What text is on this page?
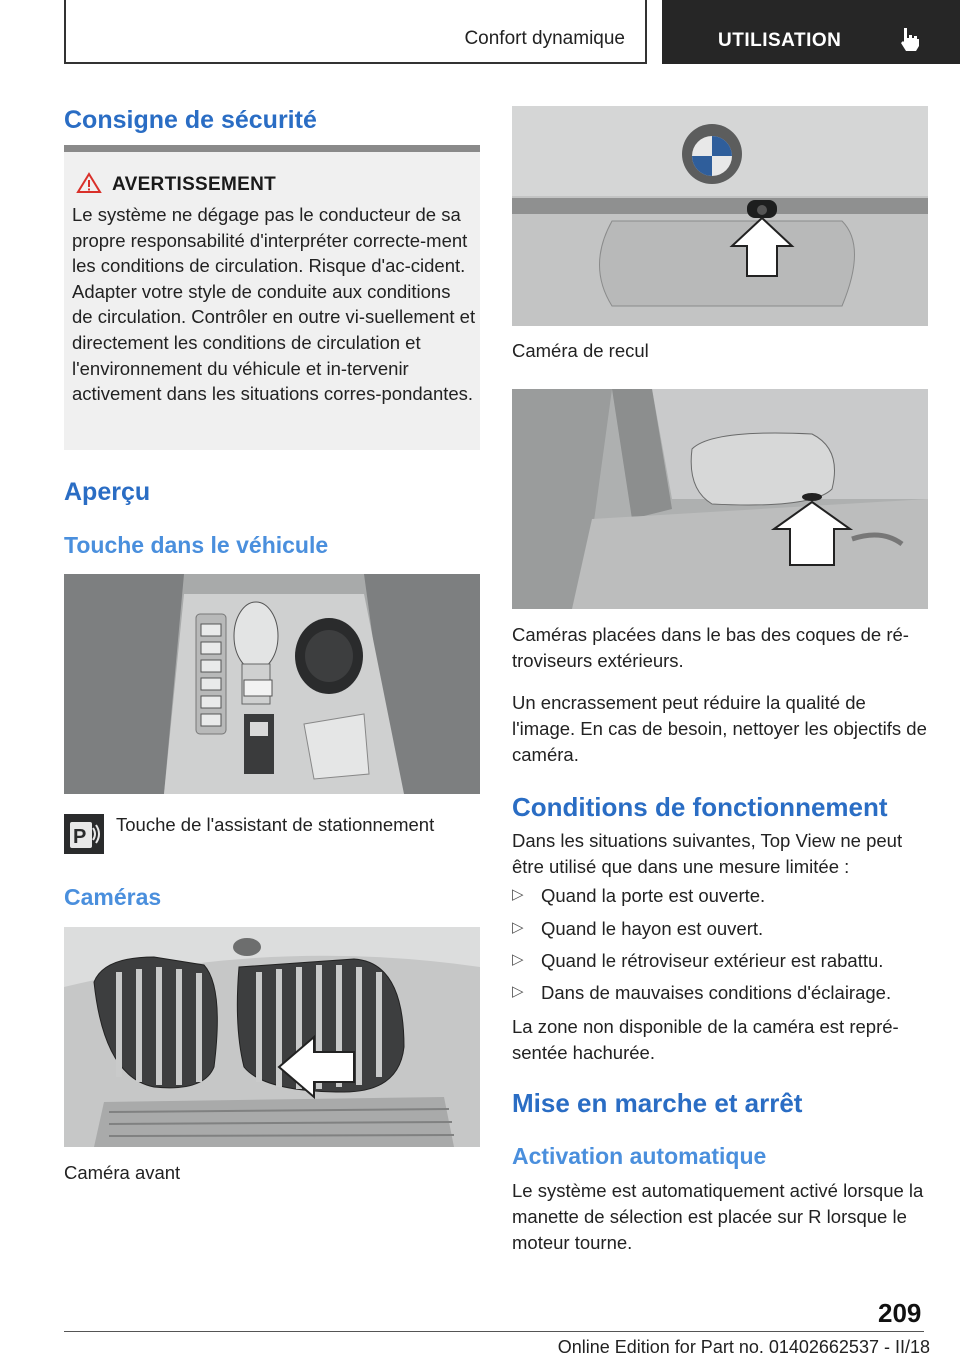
Confort dynamique	UTILISATION
Consigne de sécurité
AVERTISSEMENT
Le système ne dégage pas le conducteur de sa propre responsabilité d'interpréter correcte-ment les conditions de circulation. Risque d'ac-cident. Adapter votre style de conduite aux conditions de circulation. Contrôler en outre vi-suellement et directement les conditions de circulation et l'environnement du véhicule et in-tervenir activement dans les situations corres-pondantes.
Aperçu
Touche dans le véhicule
P
Touche de l'assistant de stationnement
Caméras
Caméra avant
Caméra de recul
Caméras placées dans le bas des coques de ré-troviseurs extérieurs.
Un encrassement peut réduire la qualité de l'image. En cas de besoin, nettoyer les objectifs de caméra.
Conditions de fonctionnement
Dans les situations suivantes, Top View ne peut être utilisé que dans une mesure limitée :
▷ Quand la porte est ouverte.
▷ Quand le hayon est ouvert.
▷ Quand le rétroviseur extérieur est rabattu.
▷ Dans de mauvaises conditions d'éclairage.
La zone non disponible de la caméra est repré-sentée hachurée.
Mise en marche et arrêt
Activation automatique
Le système est automatiquement activé lorsque la manette de sélection est placée sur R lorsque le moteur tourne.
209
Online Edition for Part no. 01402662537 - II/18
